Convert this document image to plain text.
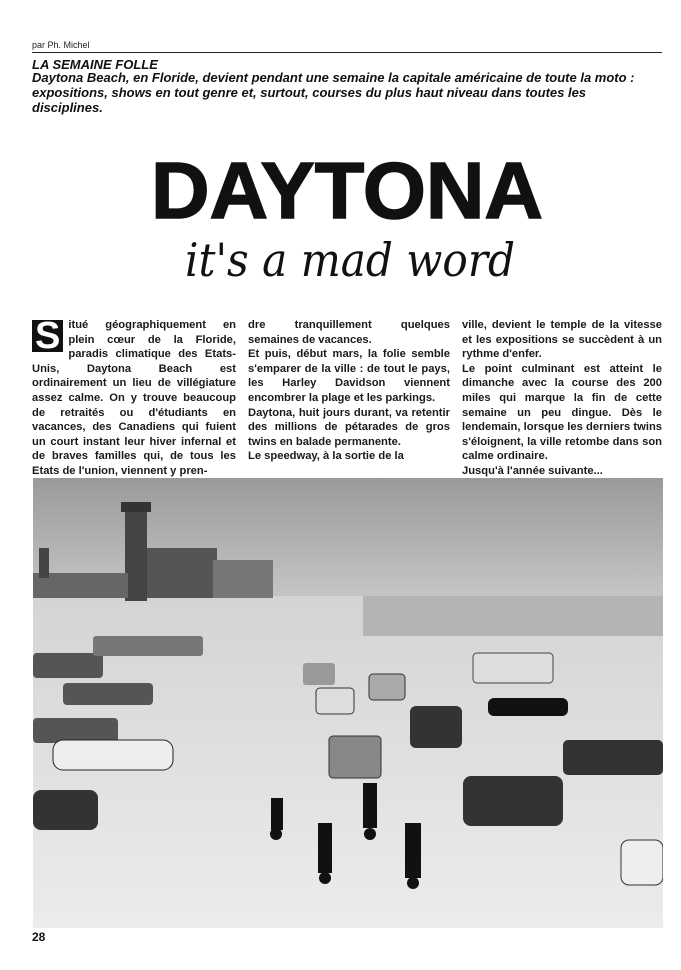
par Ph. Michel
LA SEMAINE FOLLE
Daytona Beach, en Floride, devient pendant une semaine la capitale américaine de toute la moto : expositions, shows en tout genre et, surtout, courses du plus haut niveau dans toutes les disciplines.
DAYTONA
it's a mad word
S itué géographiquement en plein cœur de la Floride, paradis climatique des Etats-Unis, Daytona Beach est ordinairement un lieu de villégiature assez calme. On y trouve beaucoup de retraités ou d'étudiants en vacances, des Canadiens qui fuient un court instant leur hiver infernal et de braves familles qui, de tous les Etats de l'union, viennent y pren-

dre tranquillement quelques semaines de vacances.
Et puis, début mars, la folie semble s'emparer de la ville : de tout le pays, les Harley Davidson viennent encombrer la plage et les parkings.
Daytona, huit jours durant, va retentir des millions de pétarades de gros twins en balade permanente.
Le speedway, à la sortie de la

ville, devient le temple de la vitesse et les expositions se succèdent à un rythme d'enfer.
Le point culminant est atteint le dimanche avec la course des 200 miles qui marque la fin de cette semaine un peu dingue. Dès le lendemain, lorsque les derniers twins s'éloignent, la ville retombe dans son calme ordinaire.
Jusqu'à l'année suivante...

28
